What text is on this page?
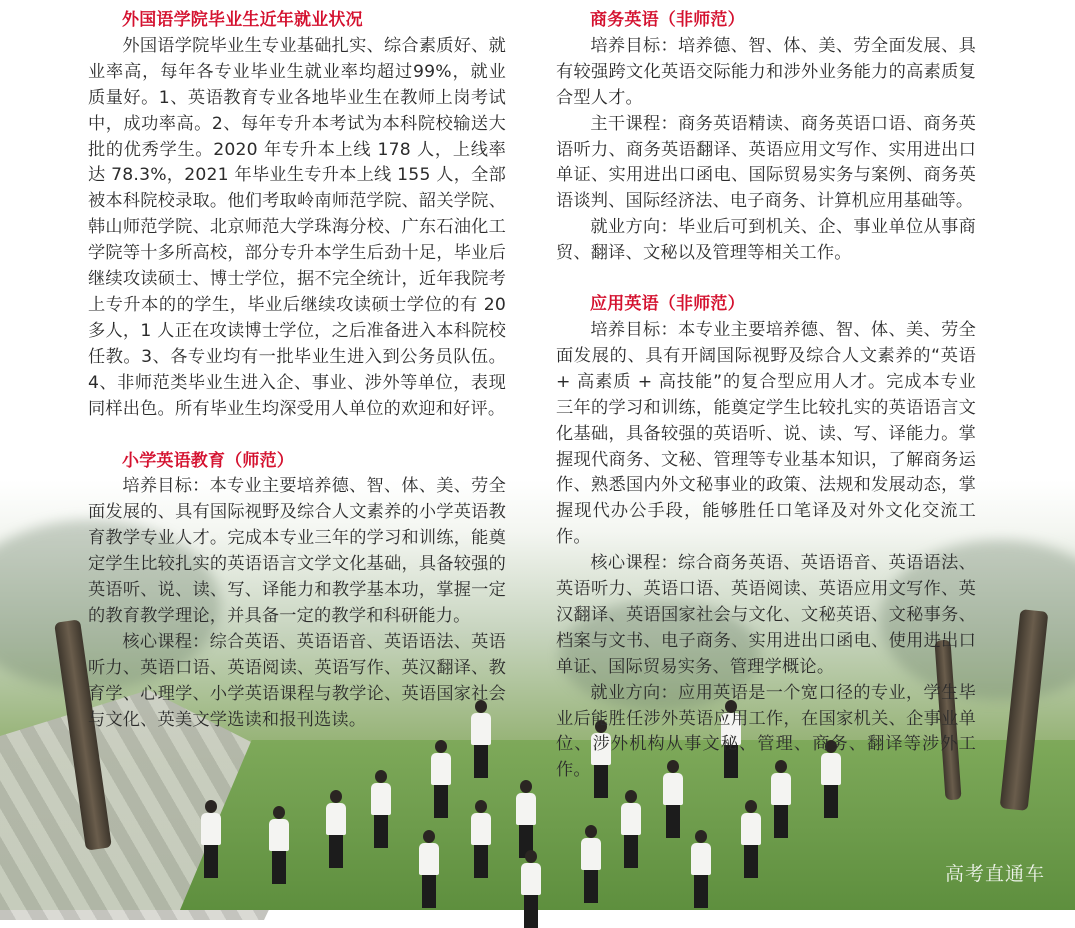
外国语学院毕业生近年就业状况

外国语学院毕业生专业基础扎实、综合素质好、就业率高，每年各专业毕业生就业率均超过99%，就业质量好。1、英语教育专业各地毕业生在教师上岗考试中，成功率高。2、每年专升本考试为本科院校输送大批的优秀学生。2020 年专升本上线 178 人，上线率达 78.3%，2021 年毕业生专升本上线 155 人，全部被本科院校录取。他们考取岭南师范学院、韶关学院、韩山师范学院、北京师范大学珠海分校、广东石油化工学院等十多所高校，部分专升本学生后劲十足，毕业后继续攻读硕士、博士学位，据不完全统计，近年我院考上专升本的的学生，毕业后继续攻读硕士学位的有 20 多人，1 人正在攻读博士学位，之后准备进入本科院校任教。3、各专业均有一批毕业生进入到公务员队伍。4、非师范类毕业生进入企、事业、涉外等单位，表现同样出色。所有毕业生均深受用人单位的欢迎和好评。

小学英语教育（师范）

培养目标：本专业主要培养德、智、体、美、劳全面发展的、具有国际视野及综合人文素养的小学英语教育教学专业人才。完成本专业三年的学习和训练，能奠定学生比较扎实的英语语言文学文化基础，具备较强的英语听、说、读、写、译能力和教学基本功，掌握一定的教育教学理论，并具备一定的教学和科研能力。

核心课程：综合英语、英语语音、英语语法、英语听力、英语口语、英语阅读、英语写作、英汉翻译、教育学、心理学、小学英语课程与教学论、英语国家社会与文化、英美文学选读和报刊选读。

商务英语（非师范）

培养目标：培养德、智、体、美、劳全面发展、具有较强跨文化英语交际能力和涉外业务能力的高素质复合型人才。

主干课程：商务英语精读、商务英语口语、商务英语听力、商务英语翻译、英语应用文写作、实用进出口单证、实用进出口函电、国际贸易实务与案例、商务英语谈判、国际经济法、电子商务、计算机应用基础等。

就业方向：毕业后可到机关、企、事业单位从事商贸、翻译、文秘以及管理等相关工作。

应用英语（非师范）

培养目标：本专业主要培养德、智、体、美、劳全面发展的、具有开阔国际视野及综合人文素养的“英语 + 高素质 + 高技能”的复合型应用人才。完成本专业三年的学习和训练，能奠定学生比较扎实的英语语言文化基础，具备较强的英语听、说、读、写、译能力。掌握现代商务、文秘、管理等专业基本知识，了解商务运作、熟悉国内外文秘事业的政策、法规和发展动态，掌握现代办公手段，能够胜任口笔译及对外文化交流工作。

核心课程：综合商务英语、英语语音、英语语法、英语听力、英语口语、英语阅读、英语应用文写作、英汉翻译、英语国家社会与文化、文秘英语、文秘事务、档案与文书、电子商务、实用进出口函电、使用进出口单证、国际贸易实务、管理学概论。

就业方向：应用英语是一个宽口径的专业，学生毕业后能胜任涉外英语应用工作，在国家机关、企事业单位、涉外机构从事文秘、管理、商务、翻译等涉外工作。

高考直通车
